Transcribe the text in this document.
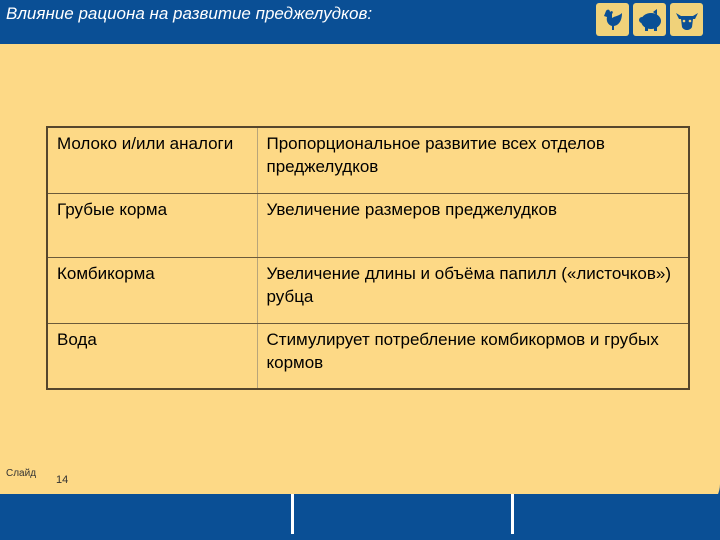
Влияние рациона на развитие преджелудков:
Молоко и/или аналоги	Пропорциональное развитие всех отделов преджелудков
Грубые корма	Увеличение размеров преджелудков
Комбикорма	Увеличение длины и объёма папилл («листочков») рубца
Вода	Стимулирует потребление комбикормов и грубых кормов
Слайд
14
